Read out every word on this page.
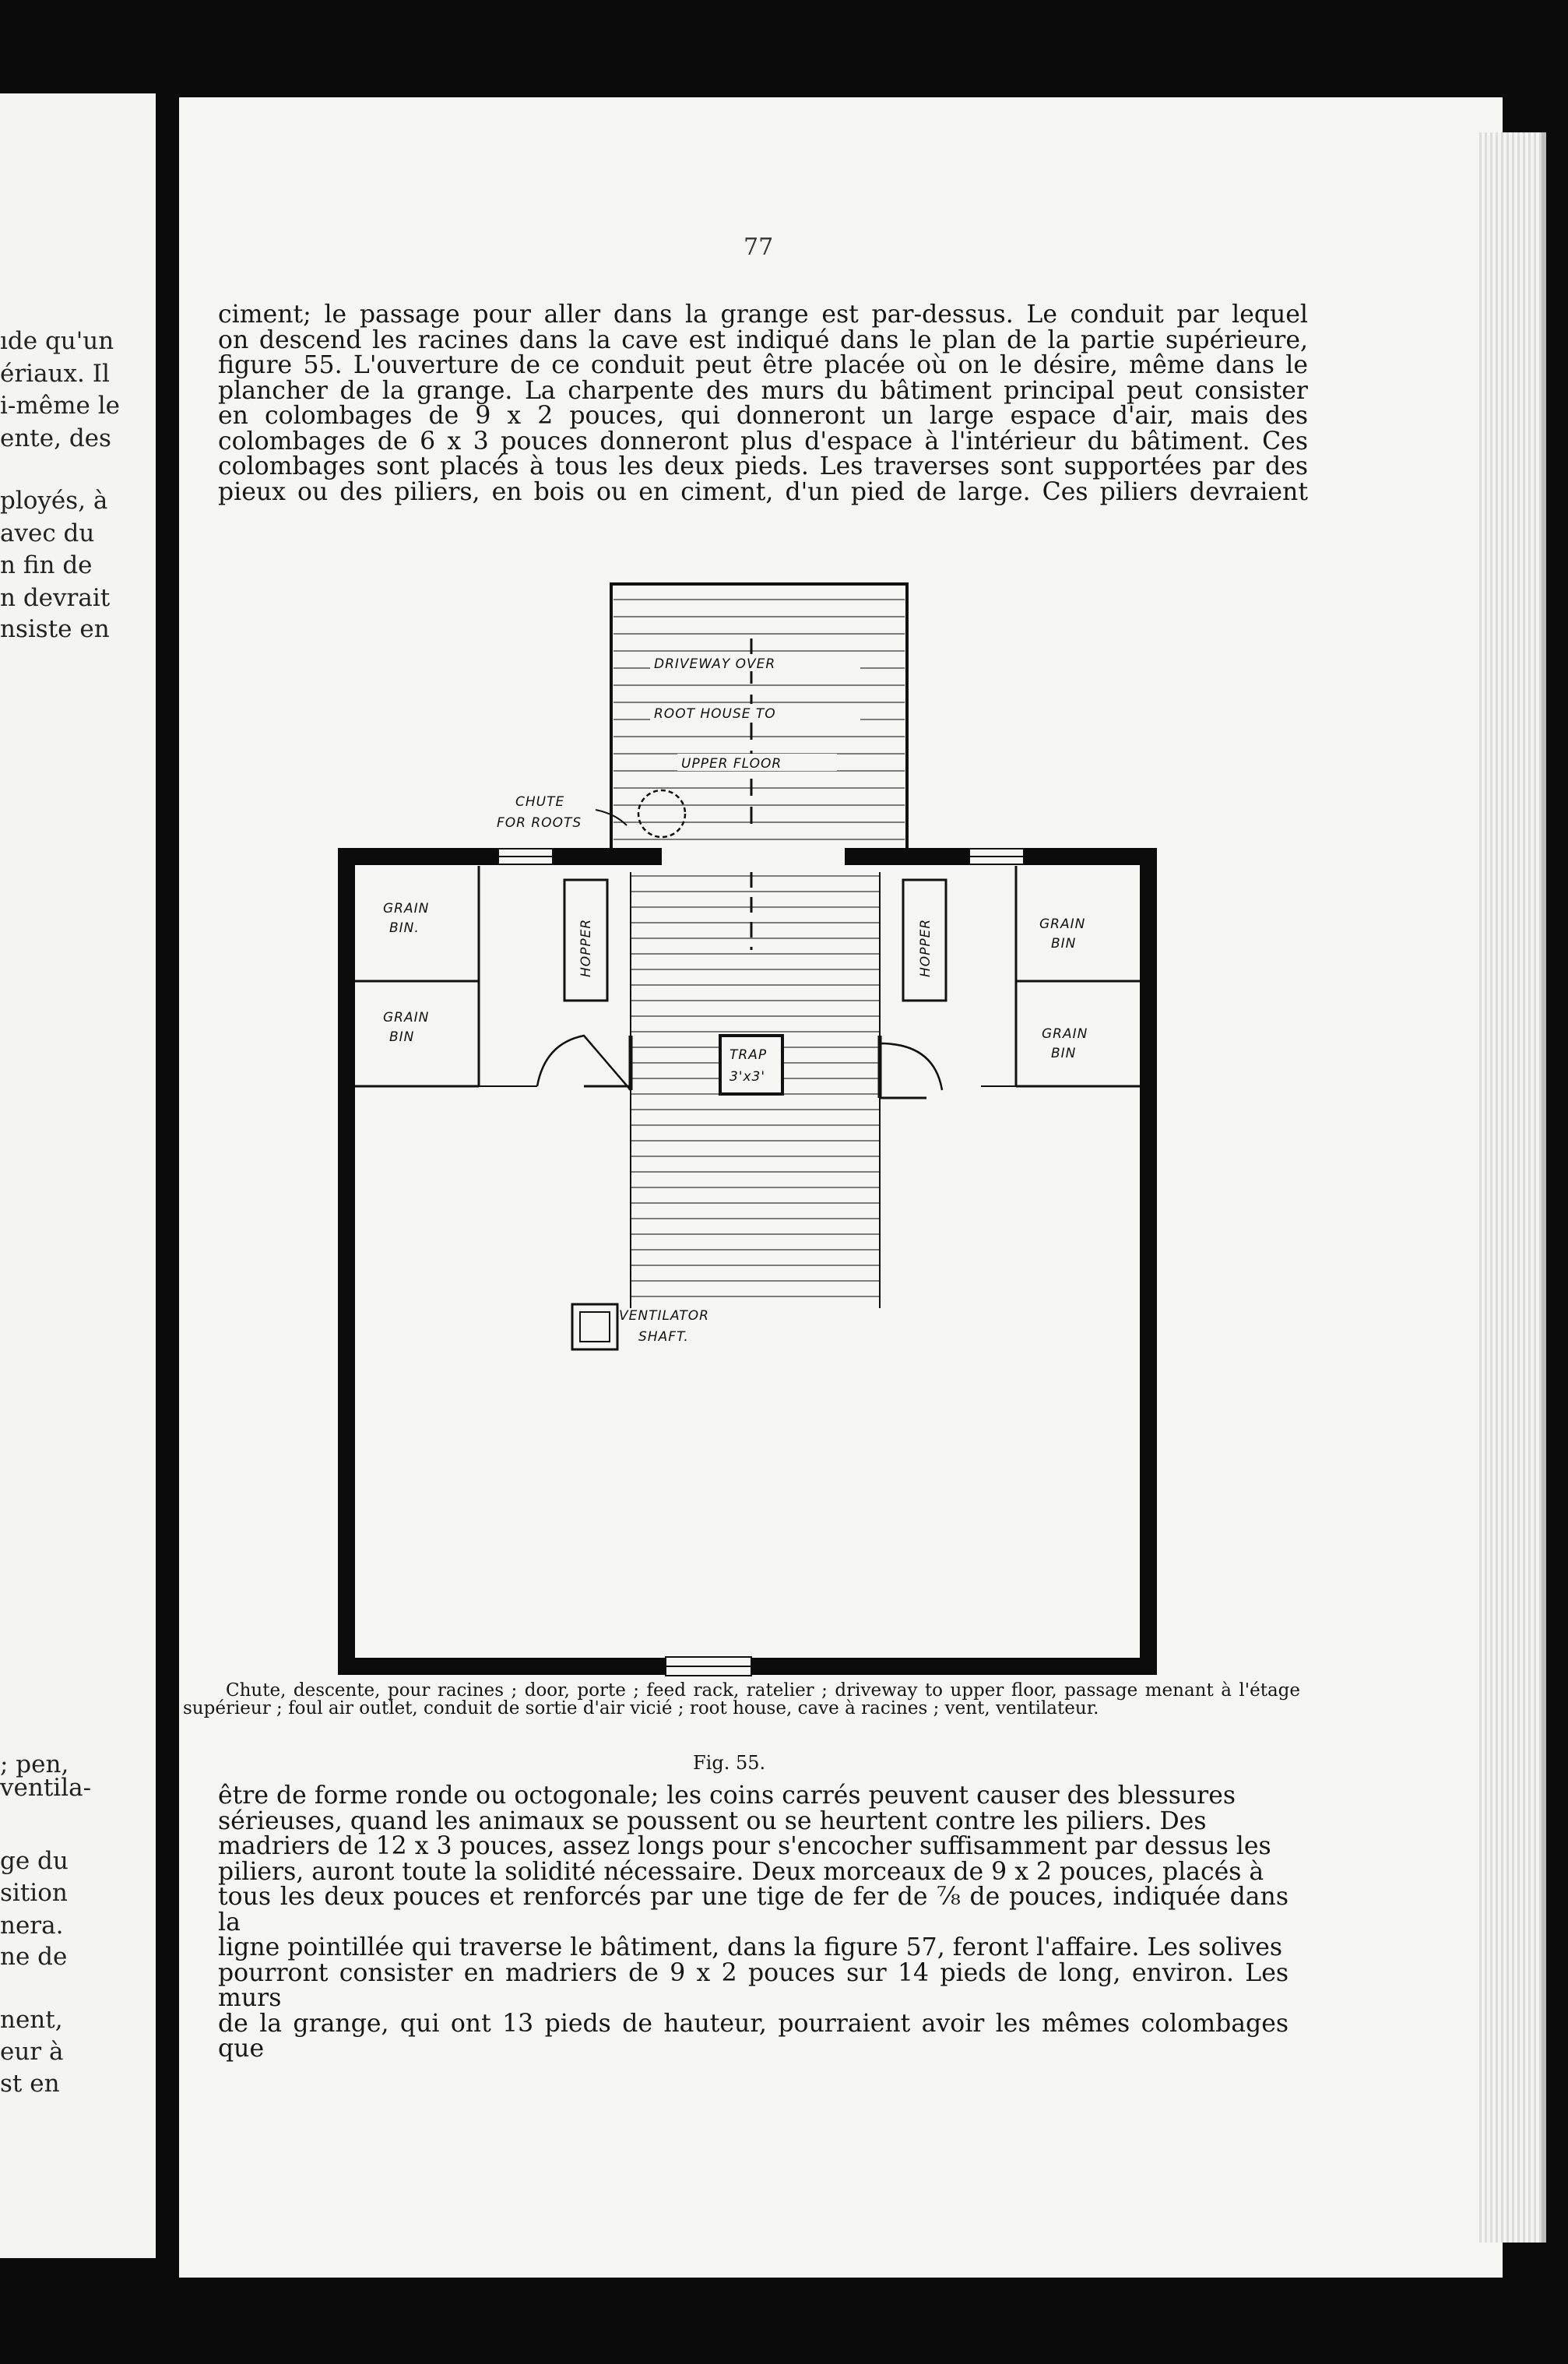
ıde qu'un
ériaux. Il
i-même le
ente, des
ployés, à
avec du
n fin de
n devrait
nsiste en
; pen,
ventila-
ge du
sition
nera.
ne de
nent,
eur à
st en
77

ciment; le passage pour aller dans la grange est par-dessus. Le conduit par lequel
on descend les racines dans la cave est indiqué dans le plan de la partie supérieure,
figure 55. L'ouverture de ce conduit peut être placée où on le désire, même dans le
plancher de la grange. La charpente des murs du bâtiment principal peut consister
en colombages de 9 x 2 pouces, qui donneront un large espace d'air, mais des
colombages de 6 x 3 pouces donneront plus d'espace à l'intérieur du bâtiment. Ces
colombages sont placés à tous les deux pieds. Les traverses sont supportées par des
pieux ou des piliers, en bois ou en ciment, d'un pied de large. Ces piliers devraient

DRIVEWAY OVER
ROOT HOUSE TO
UPPER FLOOR
CHUTE
FOR ROOTS
HOPPER	HOPPER
GRAIN
BIN.
GRAIN
BIN
GRAIN
BIN
GRAIN
BIN
TRAP
3'x3'
VENTILATOR
SHAFT.

Chute, descente, pour racines ; door, porte ; feed rack, ratelier ; driveway to upper floor, passage menant à l'étage supérieur ; foul air outlet, conduit de sortie d'air vicié ; root house, cave à racines ; vent, ventilateur.

Fig. 55.

être de forme ronde ou octogonale; les coins carrés peuvent causer des blessures
sérieuses, quand les animaux se poussent ou se heurtent contre les piliers. Des
madriers de 12 x 3 pouces, assez longs pour s'encocher suffisamment par dessus les
piliers, auront toute la solidité nécessaire. Deux morceaux de 9 x 2 pouces, placés à
tous les deux pouces et renforcés par une tige de fer de ⅞ de pouces, indiquée dans la
ligne pointillée qui traverse le bâtiment, dans la figure 57, feront l'affaire. Les solives
pourront consister en madriers de 9 x 2 pouces sur 14 pieds de long, environ. Les murs
de la grange, qui ont 13 pieds de hauteur, pourraient avoir les mêmes colombages que
